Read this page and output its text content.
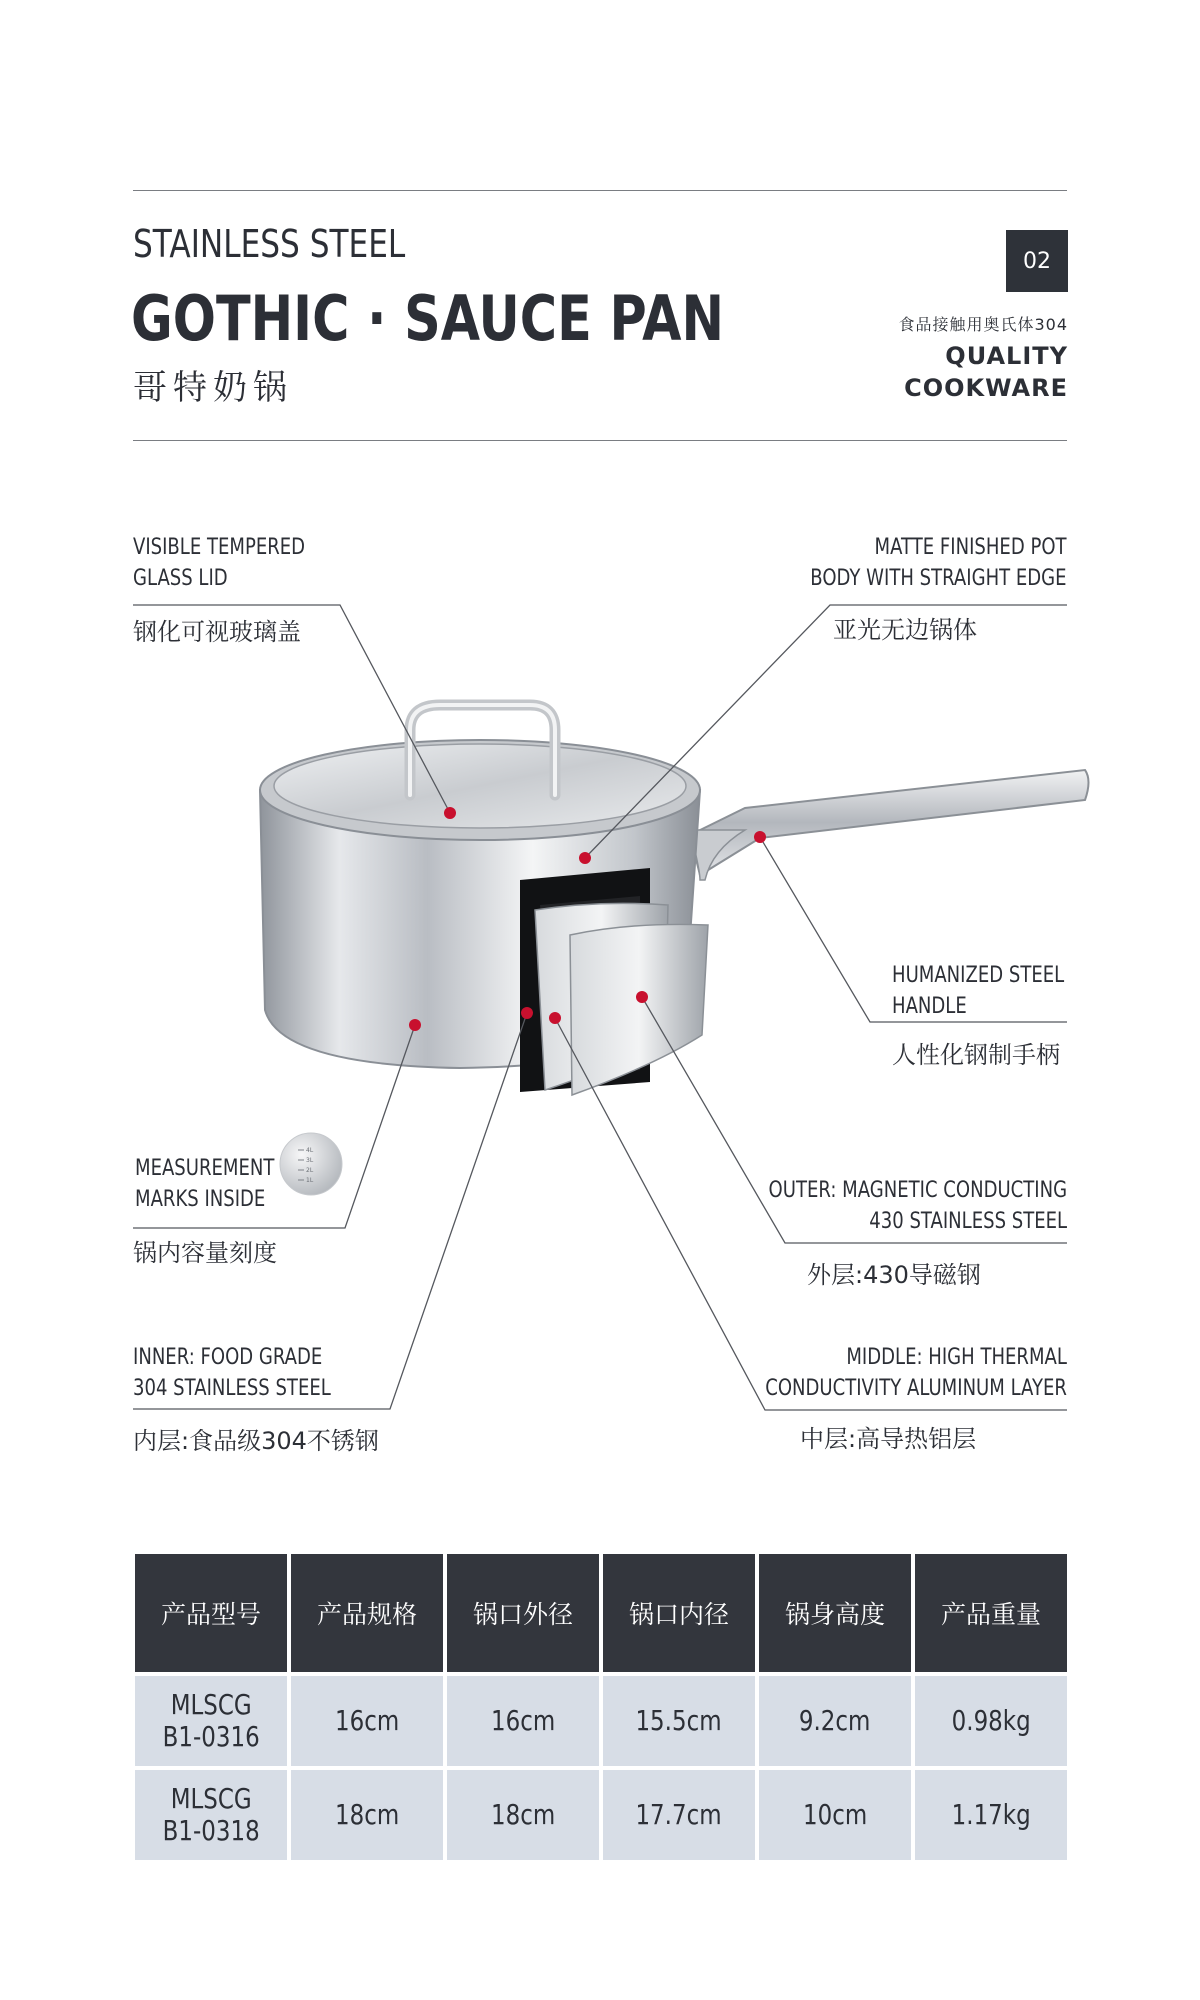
STAINLESS STEEL
GOTHIC · SAUCE PAN
哥特奶锅
02
食品接触用奥氏体304
QUALITY
COOKWARE
4L
3L
2L
1L
VISIBLE TEMPERED
GLASS LID
钢化可视玻璃盖
MATTE FINISHED POT
BODY WITH STRAIGHT EDGE
亚光无边锅体
HUMANIZED STEEL
HANDLE
人性化钢制手柄
MEASUREMENT
MARKS INSIDE
锅内容量刻度
OUTER: MAGNETIC CONDUCTING
430 STAINLESS STEEL
外层:430导磁钢
INNER: FOOD GRADE
304 STAINLESS STEEL
内层:食品级304不锈钢
MIDDLE: HIGH THERMAL
CONDUCTIVITY ALUMINUM LAYER
中层:高导热铝层
产品型号	产品规格	锅口外径	锅口内径	锅身高度	产品重量
MLSCG
B1-0316	16cm	16cm	15.5cm	9.2cm	0.98kg
MLSCG
B1-0318	18cm	18cm	17.7cm	10cm	1.17kg
